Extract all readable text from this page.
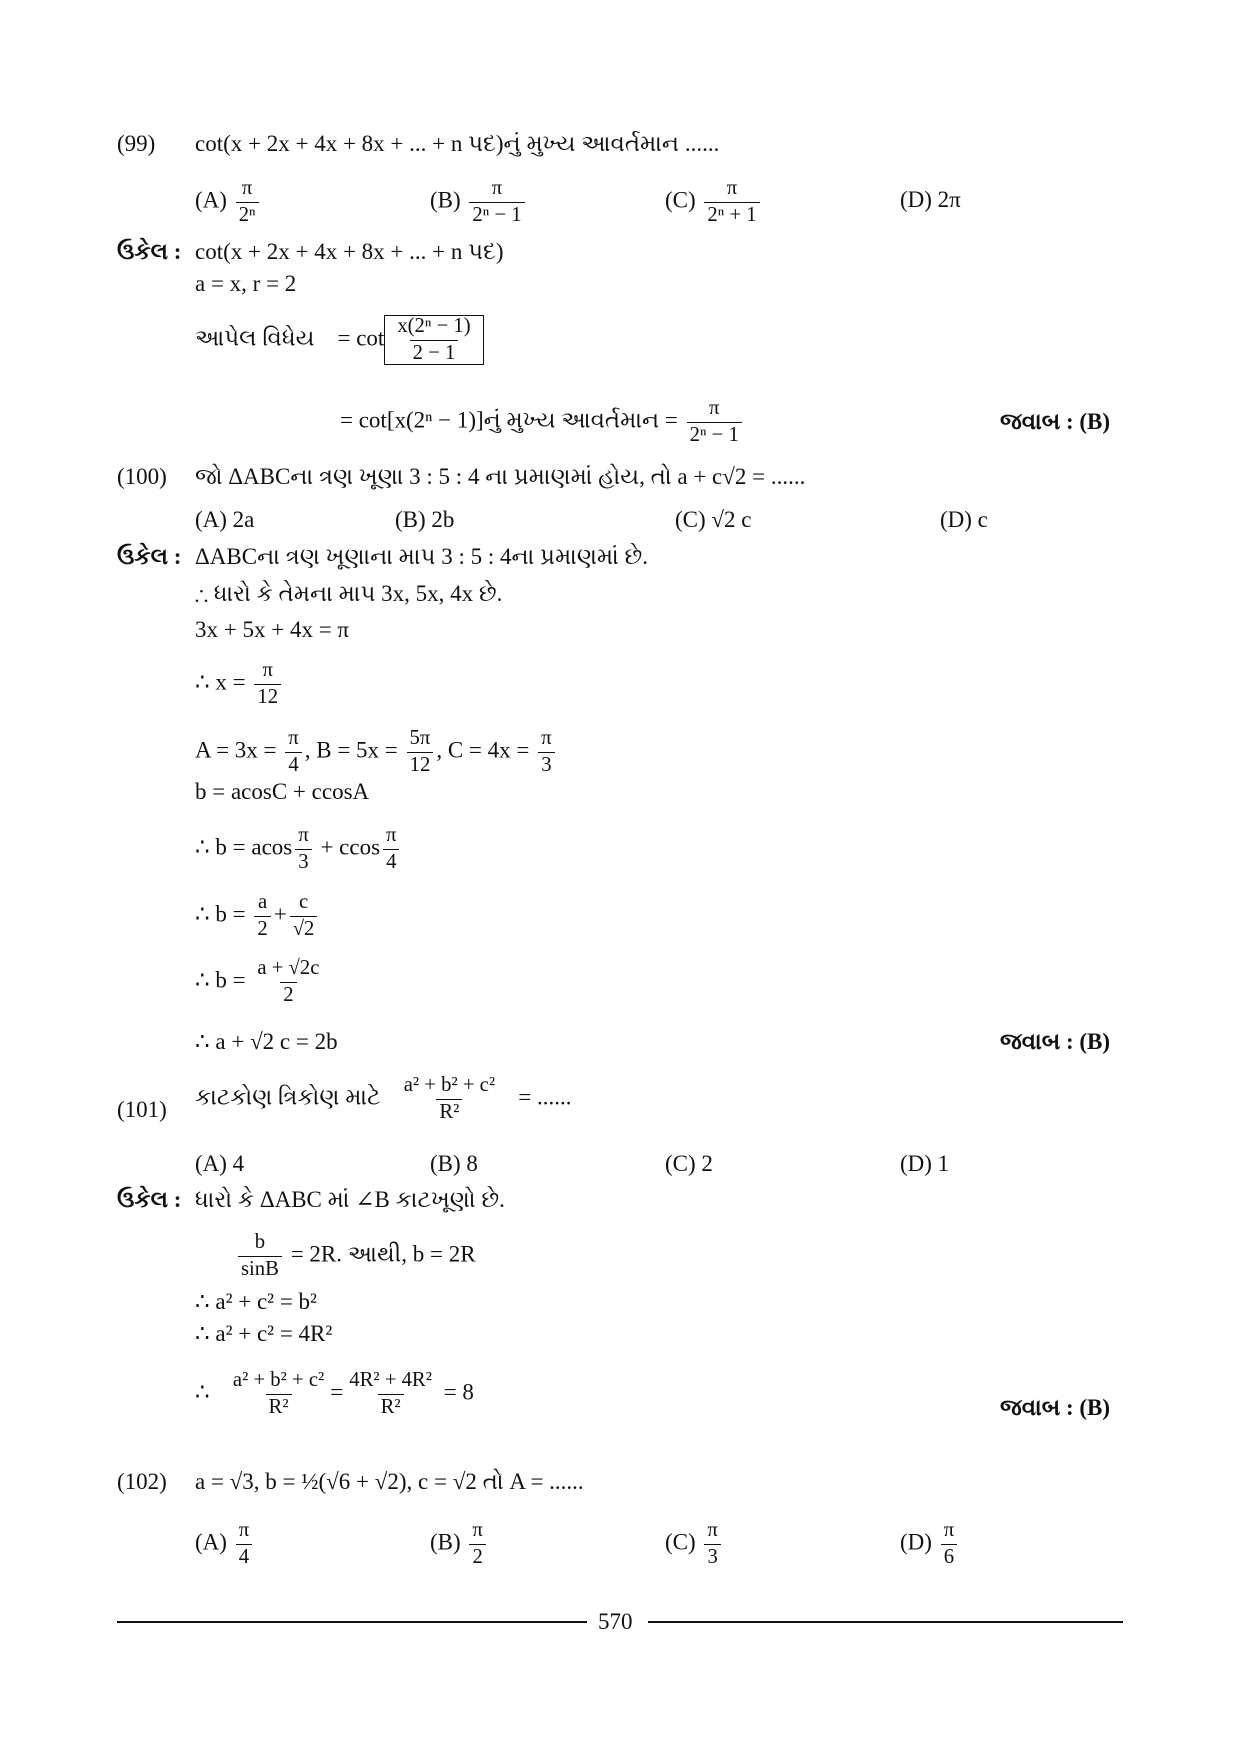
(99) cot(x + 2x + 4x + 8x + ... + n પદ)નું મુખ્ય આવર્તમાન ......
$(A) \frac{\pi}{\text{2ⁿ}}$	$(B) \frac{\pi}{\text{2ⁿ − 1}}$	$(C) \frac{\pi}{\text{2ⁿ + 1}}$	(D) 2π
ઉકેલ : cot(x + 2x + 4x + 8x + ... + n પદ)
a = x, r = 2
આપેલ વિધેય = $\cot \frac{\text{x(2ⁿ − 1)}}{2 - 1}$
= cot[x(2ⁿ − 1)]નું મુખ્ય આવર્તમાન = $\frac{\pi}{\text{2ⁿ − 1}}$	જવાબ : (B)
(100) જો ΔABCના ત્રણ ખૂણા 3 : 5 : 4 ના પ્રમાણમાં હોય, તો a + c√2 = ......
(A) 2a	(B) 2b	(C) √2 c	(D) c
ઉકેલ : ΔABCના ત્રણ ખૂણાના માપ 3 : 5 : 4ના પ્રમાણમાં છે.
∴ ધારો કે તેમના માપ 3x, 5x, 4x છે.
3x + 5x + 4x = π
∴ $x = \frac{\pi}{12}$
$A = 3x = \frac{\pi}{4}$ , $B = 5x = \frac{5\pi}{12}$ , $C = 4x = \frac{\pi}{3}$
b = acosC + ccosA
∴ b = acos $\frac{\pi}{3} + ccos \frac{\pi}{4}$
∴ $b = \frac{a}{2} + \frac{c}{√2}$
∴ $b = \frac{a + √2c}{2}$
∴ a + √2 c = 2b	જવાબ : (B)
(101) કાટકોણ ત્રિકોણ માટે $\frac{\text{a² + b² + c²}}{\text{R²}}$ = ......
(A) 4	(B) 8	(C) 2	(D) 1
ઉકેલ : ધારો કે ΔABC માં ∠B કાટખૂણો છે.
$\frac{b}{\sin B} = 2R$. આથી, b = 2R
∴ a² + c² = b²
∴ a² + c² = 4R²
∴ $\frac{\text{a² + b² + c²}}{\text{R²}} = \frac{\text{4R² + 4R²}}{\text{R²}} = 8$
જવાબ : (B)
(102) a = √3, b = ½(√6 + √2), c = √2 તો A = ......
$(A) \frac{\pi}{4}$	$(B) \frac{\pi}{2}$	$(C) \frac{\pi}{3}$	$(D) \frac{\pi}{6}$
570
